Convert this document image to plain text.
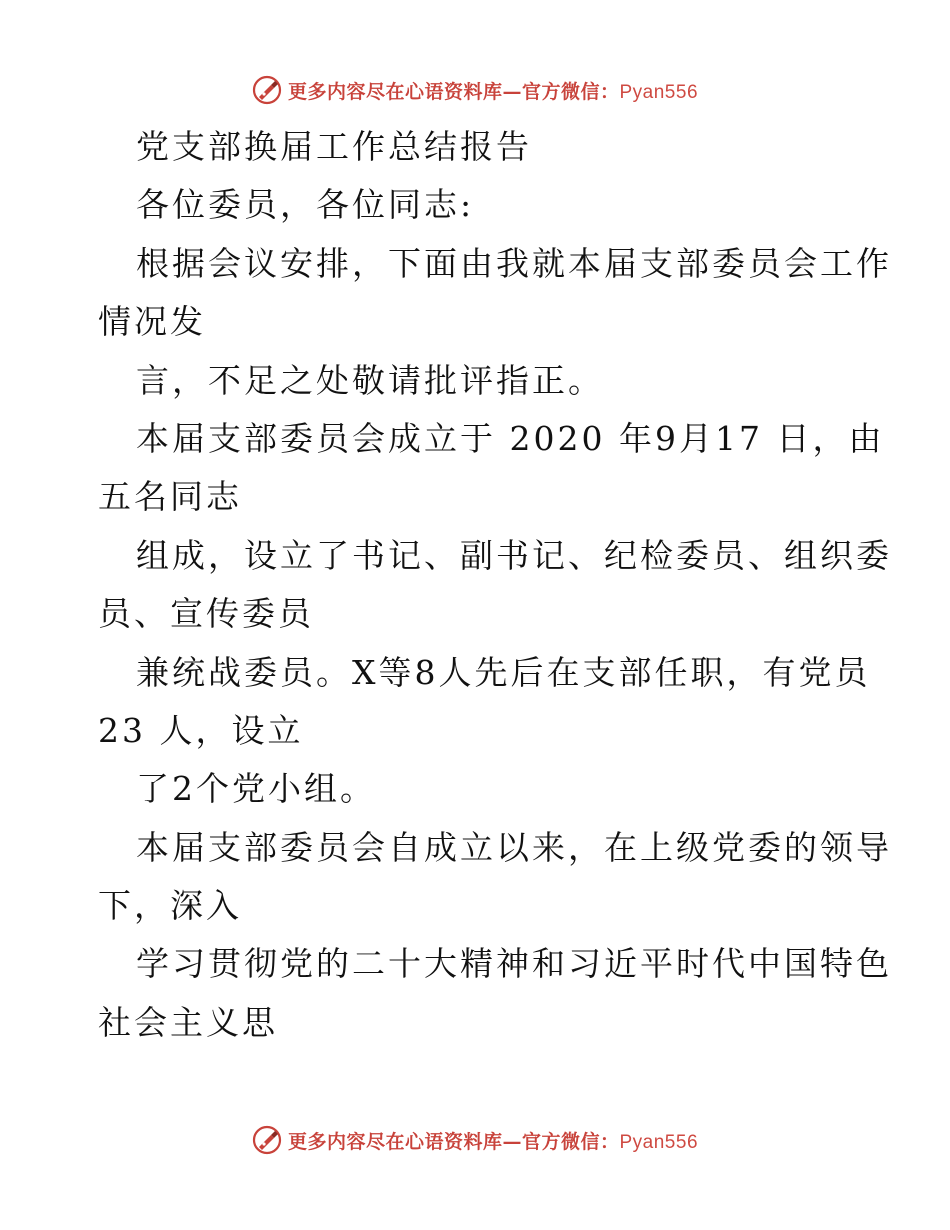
更多内容尽在心语资料库—官方微信：Pyan556
党支部换届工作总结报告
各位委员，各位同志:
根据会议安排，下面由我就本届支部委员会工作
情况发
言，不足之处敬请批评指正。
本届支部委员会成立于 2020 年9月17 日，由
五名同志
组成，设立了书记、副书记、纪检委员、组织委
员、宣传委员
兼统战委员。X等8人先后在支部任职，有党员
23 人，设立
了2个党小组。
本届支部委员会自成立以来，在上级党委的领导
下，深入
学习贯彻党的二十大精神和习近平时代中国特色
社会主义思
更多内容尽在心语资料库—官方微信：Pyan556
